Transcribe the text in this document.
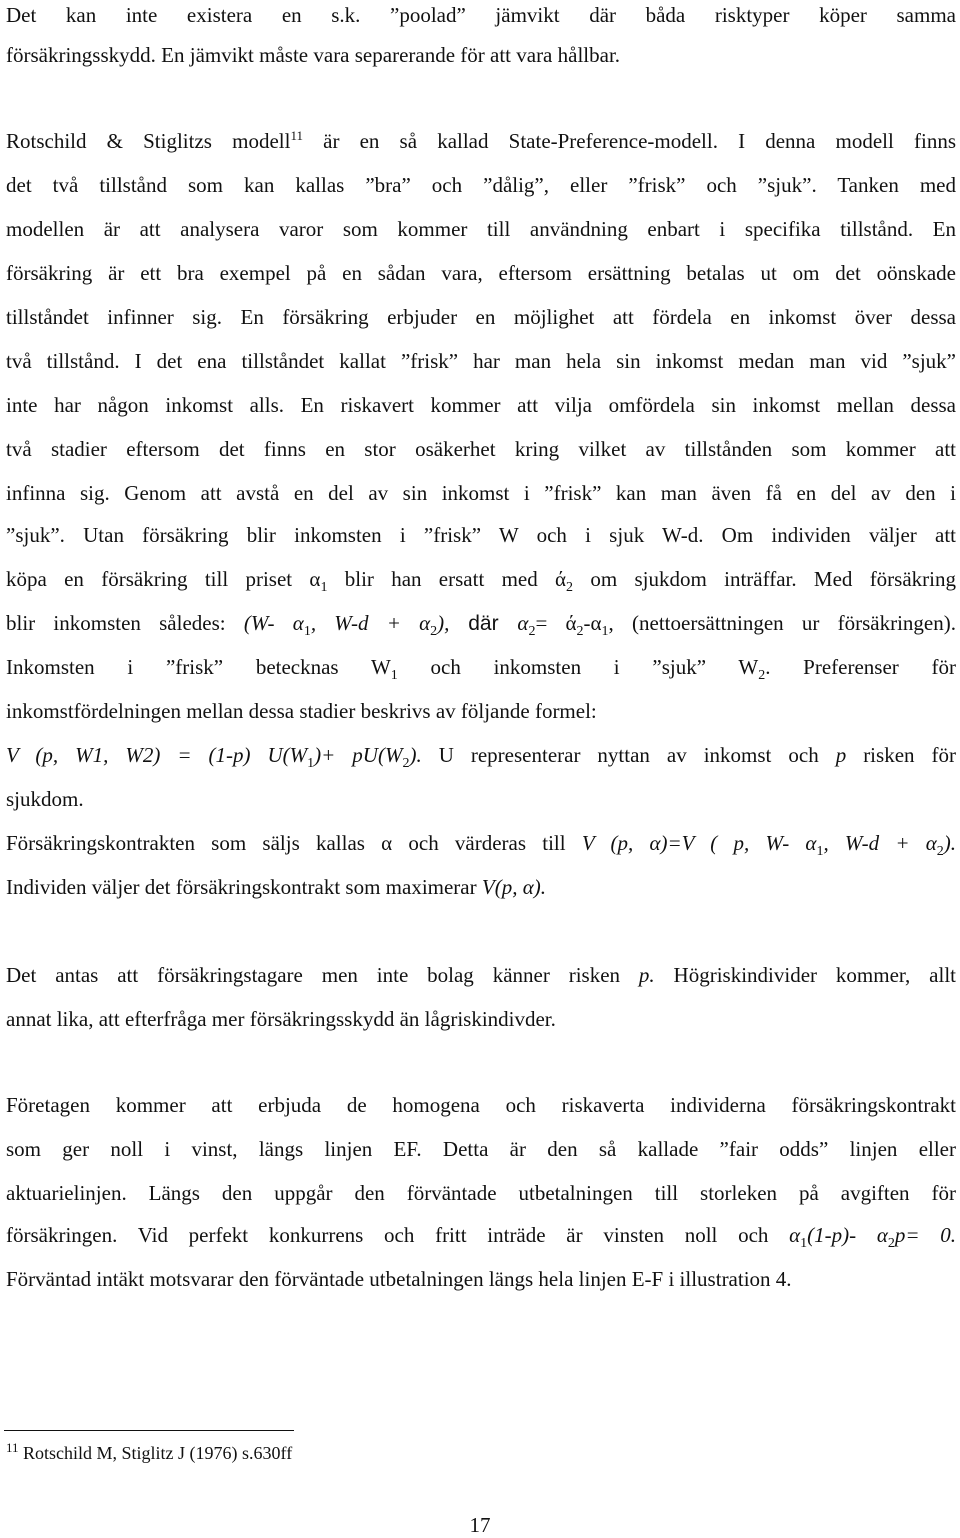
Det kan inte existera en s.k. ”poolad” jämvikt där båda risktyper köper samma
försäkringsskydd. En jämvikt måste vara separerande för att vara hållbar.
Rotschild & Stiglitzs modell$^{11}$ är en så kallad State-Preference-modell. I denna modell finns
det två tillstånd som kan kallas ”bra” och ”dålig”, eller ”frisk” och ”sjuk”. Tanken med
modellen är att analysera varor som kommer till användning enbart i specifika tillstånd. En
försäkring är ett bra exempel på en sådan vara, eftersom ersättning betalas ut om det oönskade
tillståndet infinner sig. En försäkring erbjuder en möjlighet att fördela en inkomst över dessa
två tillstånd. I det ena tillståndet kallat ”frisk” har man hela sin inkomst medan man vid ”sjuk”
inte har någon inkomst alls. En riskavert kommer att vilja omfördela sin inkomst mellan dessa
två stadier eftersom det finns en stor osäkerhet kring vilket av tillstånden som kommer att
infinna sig. Genom att avstå en del av sin inkomst i ”frisk” kan man även få en del av den i
”sjuk”. Utan försäkring blir inkomsten i ”frisk” W och i sjuk W-d. Om individen väljer att
köpa en försäkring till priset $\alpha_1$ blir han ersatt med $ά_2$ om sjukdom inträffar. Med försäkring
blir inkomsten således: (W- $\alpha_1$, $W-d + \alpha_2$), där $\alpha_2= ά_2-\alpha_1$, (nettoersättningen ur försäkringen).
Inkomsten i ”frisk” betecknas $W_1$ och inkomsten i ”sjuk” $W_2$. Preferenser för
inkomstfördelningen mellan dessa stadier beskrivs av följande formel:
V (p, W1, W2) = (1-p) $U(W_1)+ pU(W_2)$. U representerar nyttan av inkomst och p risken för
sjukdom.
Försäkringskontrakten som säljs kallas α och värderas till V (p, α)=V ( p, W- $\alpha_1$, $W-d + \alpha_2$).
Individen väljer det försäkringskontrakt som maximerar V(p, α).
Det antas att försäkringstagare men inte bolag känner risken p. Högriskindivider kommer, allt
annat lika, att efterfråga mer försäkringsskydd än lågriskindivder.
Företagen kommer att erbjuda de homogena och riskaverta individerna försäkringskontrakt
som ger noll i vinst, längs linjen EF. Detta är den så kallade ”fair odds” linjen eller
aktuarielinjen. Längs den uppgår den förväntade utbetalningen till storleken på avgiften för
försäkringen. Vid perfekt konkurrens och fritt inträde är vinsten noll och $\alpha_1(1-p)-$ $\alpha_2p= 0$.
Förväntad intäkt motsvarar den förväntade utbetalningen längs hela linjen E-F i illustration 4.
$^{11}$ Rotschild M, Stiglitz J (1976) s.630ff
17
